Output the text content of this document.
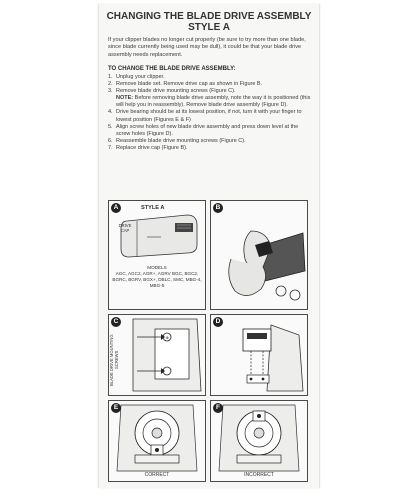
CHANGING THE BLADE DRIVE ASSEMBLY
STYLE A

If your clipper blades no longer cut properly (be sure to try more than one blade, since blade currently being used may be dull), it could be that your blade drive assembly needs replacement.

TO CHANGE THE BLADE DRIVE ASSEMBLY:

1. Unplug your clipper.
2. Remove blade set. Remove drive cap as shown in Figure B.
3. Remove blade drive mounting screws (Figure C).
NOTE: Before removing blade drive assembly, note the way it is positioned (this will help you in reassembly). Remove blade drive assembly (Figure D).
4. Drive bearing should be at its lowest position, if not, turn it with your finger to lowest position (Figures E & F)
5. Align screw holes of new blade drive assembly and press down level at the screw holes (Figure D).
6. Reassemble blade drive mounting screws (Figure C).
7. Replace drive cap (Figure B).
A	STYLE A

DRIVE CAP

MODELS

AGC, AGC2, AGR+, AGRV BGC, BGC2, BGRC, BGRV, BGX+, DBLC, SMC, MBG-4, MBG-5

B
⊕
C

BLADE DRIVE MOUNTING SCREWS

D
E

CORRECT

F

INCORRECT
